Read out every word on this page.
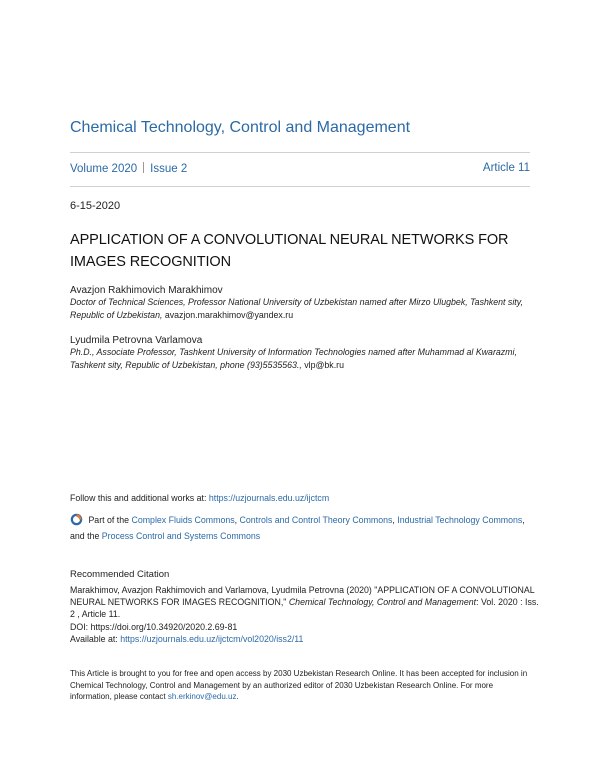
Chemical Technology, Control and Management
Volume 2020 Issue 2	Article 11
6-15-2020
APPLICATION OF A CONVOLUTIONAL NEURAL NETWORKS FOR IMAGES RECOGNITION
Avazjon Rakhimovich Marakhimov
Doctor of Technical Sciences, Professor National University of Uzbekistan named after Mirzo Ulugbek, Tashkent sity, Republic of Uzbekistan, avazjon.marakhimov@yandex.ru
Lyudmila Petrovna Varlamova
Ph.D., Associate Professor, Tashkent University of Information Technologies named after Muhammad al Kwarazmi, Tashkent sity, Republic of Uzbekistan, phone (93)5535563., vlp@bk.ru
Follow this and additional works at: https://uzjournals.edu.uz/ijctcm
Part of the Complex Fluids Commons, Controls and Control Theory Commons, Industrial Technology Commons, and the Process Control and Systems Commons
Recommended Citation
Marakhimov, Avazjon Rakhimovich and Varlamova, Lyudmila Petrovna (2020) "APPLICATION OF A CONVOLUTIONAL NEURAL NETWORKS FOR IMAGES RECOGNITION," Chemical Technology, Control and Management: Vol. 2020 : Iss. 2 , Article 11.
DOI: https://doi.org/10.34920/2020.2.69-81
Available at: https://uzjournals.edu.uz/ijctcm/vol2020/iss2/11
This Article is brought to you for free and open access by 2030 Uzbekistan Research Online. It has been accepted for inclusion in Chemical Technology, Control and Management by an authorized editor of 2030 Uzbekistan Research Online. For more information, please contact sh.erkinov@edu.uz.
